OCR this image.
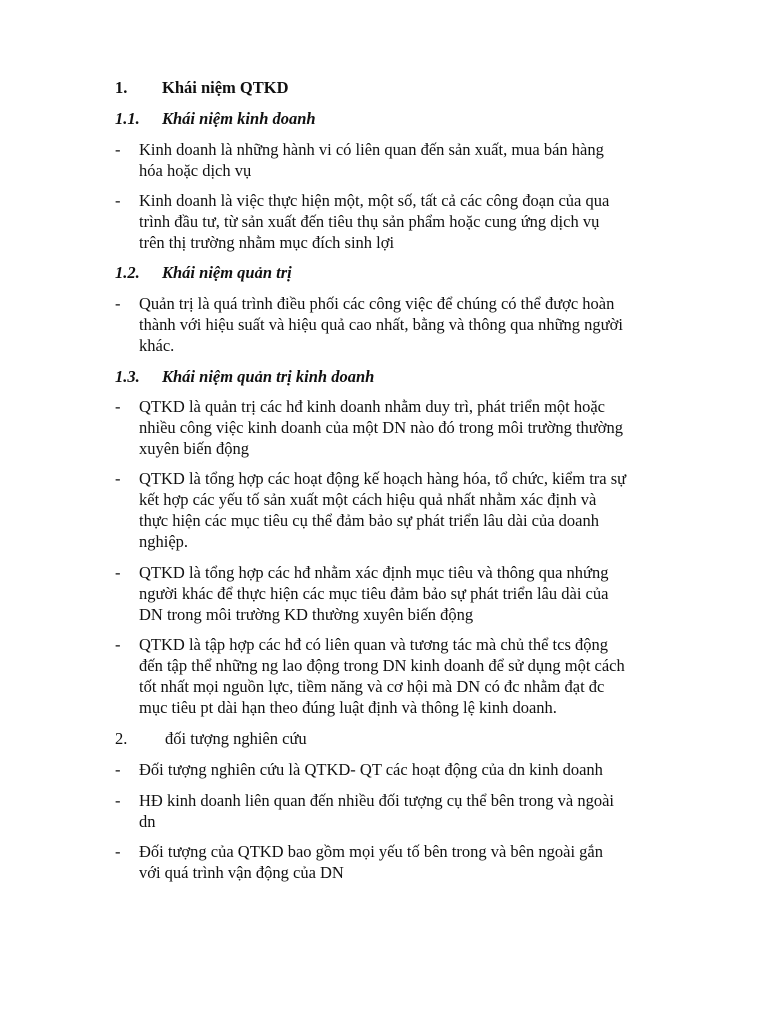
1. Khái niệm QTKD
1.1. Khái niệm kinh doanh
- Kinh doanh là những hành vi có liên quan đến sản xuất, mua bán hàng
hóa hoặc dịch vụ
- Kinh doanh là việc thực hiện một, một số, tất cả các công đoạn của qua
trình đầu tư, từ sản xuất đến tiêu thụ sản phẩm hoặc cung ứng dịch vụ
trên thị trường nhằm mục đích sinh lợi
1.2. Khái niệm quản trị
- Quản trị là quá trình điều phối các công việc để chúng có thể được hoàn
thành với hiệu suất và hiệu quả cao nhất, bằng và thông qua những người
khác.
1.3. Khái niệm quản trị kinh doanh
- QTKD là quản trị các hđ kinh doanh nhằm duy trì, phát triển một hoặc
nhiều công việc kinh doanh của một DN nào đó trong môi trường thường
xuyên biến động
- QTKD là tổng hợp các hoạt động kế hoạch hàng hóa, tổ chức, kiểm tra sự
kết hợp các yếu tố sản xuất một cách hiệu quả nhất nhằm xác định và
thực hiện các mục tiêu cụ thể đảm bảo sự phát triển lâu dài của doanh
nghiệp.
- QTKD là tổng hợp các hđ nhằm xác định mục tiêu và thông qua nhứng
người khác để thực hiện các mục tiêu đảm bảo sự phát triển lâu dài của
DN trong môi trường KD thường xuyên biến động
- QTKD là tập hợp các hđ có liên quan và tương tác mà chủ thể tcs động
đến tập thể những ng lao động trong DN kinh doanh để sử dụng một cách
tốt nhất mọi nguồn lực, tiềm năng và cơ hội mà DN có đc nhằm đạt đc
mục tiêu pt dài hạn theo đúng luật định và thông lệ kinh doanh.
2. đối tượng nghiên cứu
- Đối tượng nghiên cứu là QTKD- QT các hoạt động của dn kinh doanh
- HĐ kinh doanh liên quan đến nhiều đối tượng cụ thể bên trong và ngoài
dn
- Đối tượng của QTKD bao gồm mọi yếu tố bên trong và bên ngoài gắn
với quá trình vận động của DN
